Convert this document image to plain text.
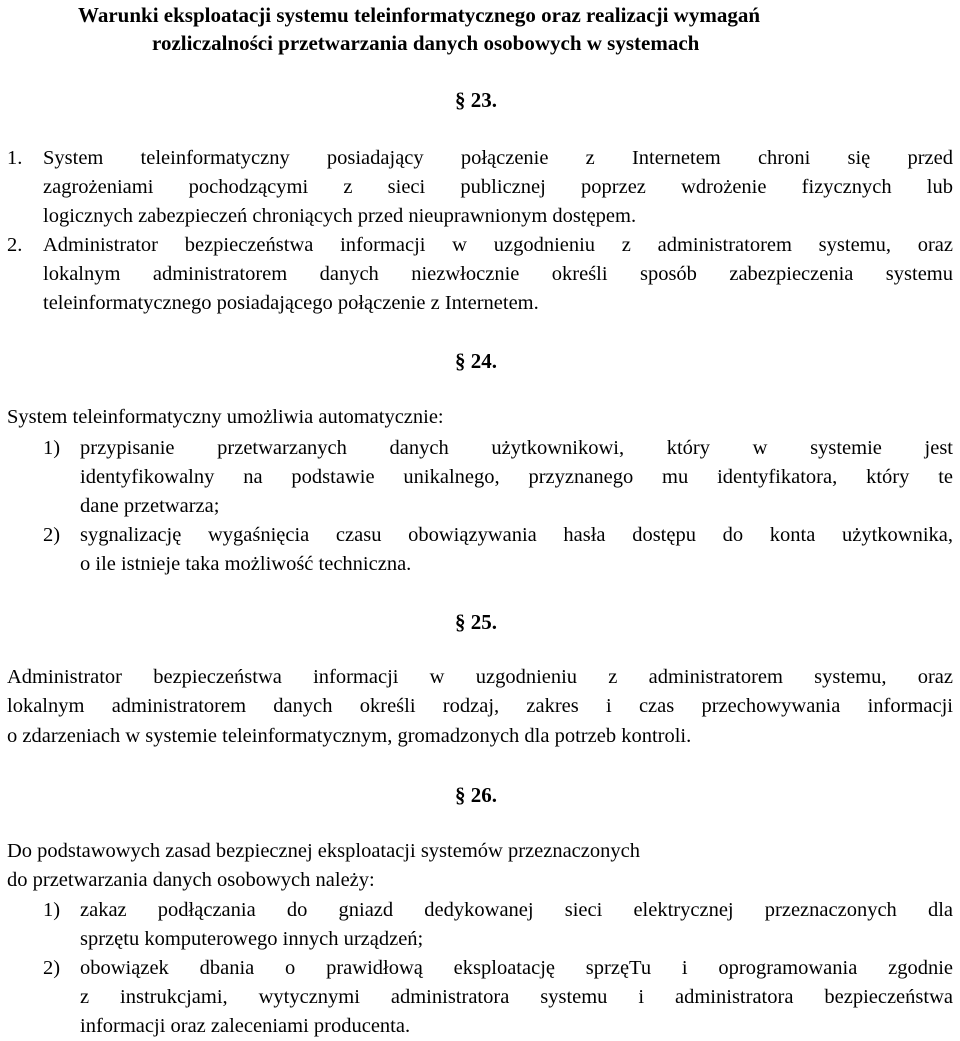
Warunki eksploatacji systemu teleinformatycznego oraz realizacji wymagań
rozliczalności przetwarzania danych osobowych w systemach
§ 23.
1. System teleinformatyczny posiadający połączenie z Internetem chroni się przed
zagrożeniami pochodzącymi z sieci publicznej poprzez wdrożenie fizycznych lub
logicznych zabezpieczeń chroniących przed nieuprawnionym dostępem.
2. Administrator bezpieczeństwa informacji w uzgodnieniu z administratorem systemu, oraz
lokalnym administratorem danych niezwłocznie określi sposób zabezpieczenia systemu
teleinformatycznego posiadającego połączenie z Internetem.
§ 24.
System teleinformatyczny umożliwia automatycznie:
1) przypisanie przetwarzanych danych użytkownikowi, który w systemie jest
identyfikowalny na podstawie unikalnego, przyznanego mu identyfikatora, który te
dane przetwarza;
2) sygnalizację wygaśnięcia czasu obowiązywania hasła dostępu do konta użytkownika,
o ile istnieje taka możliwość techniczna.
§ 25.
Administrator bezpieczeństwa informacji w uzgodnieniu z administratorem systemu, oraz
lokalnym administratorem danych określi rodzaj, zakres i czas przechowywania informacji
o zdarzeniach w systemie teleinformatycznym, gromadzonych dla potrzeb kontroli.
§ 26.
Do podstawowych zasad bezpiecznej eksploatacji systemów przeznaczonych
do przetwarzania danych osobowych należy:
1) zakaz podłączania do gniazd dedykowanej sieci elektrycznej przeznaczonych dla
sprzętu komputerowego innych urządzeń;
2) obowiązek dbania o prawidłową eksploatację sprzęTu i oprogramowania zgodnie
z instrukcjami, wytycznymi administratora systemu i administratora bezpieczeństwa
informacji oraz zaleceniami producenta.
